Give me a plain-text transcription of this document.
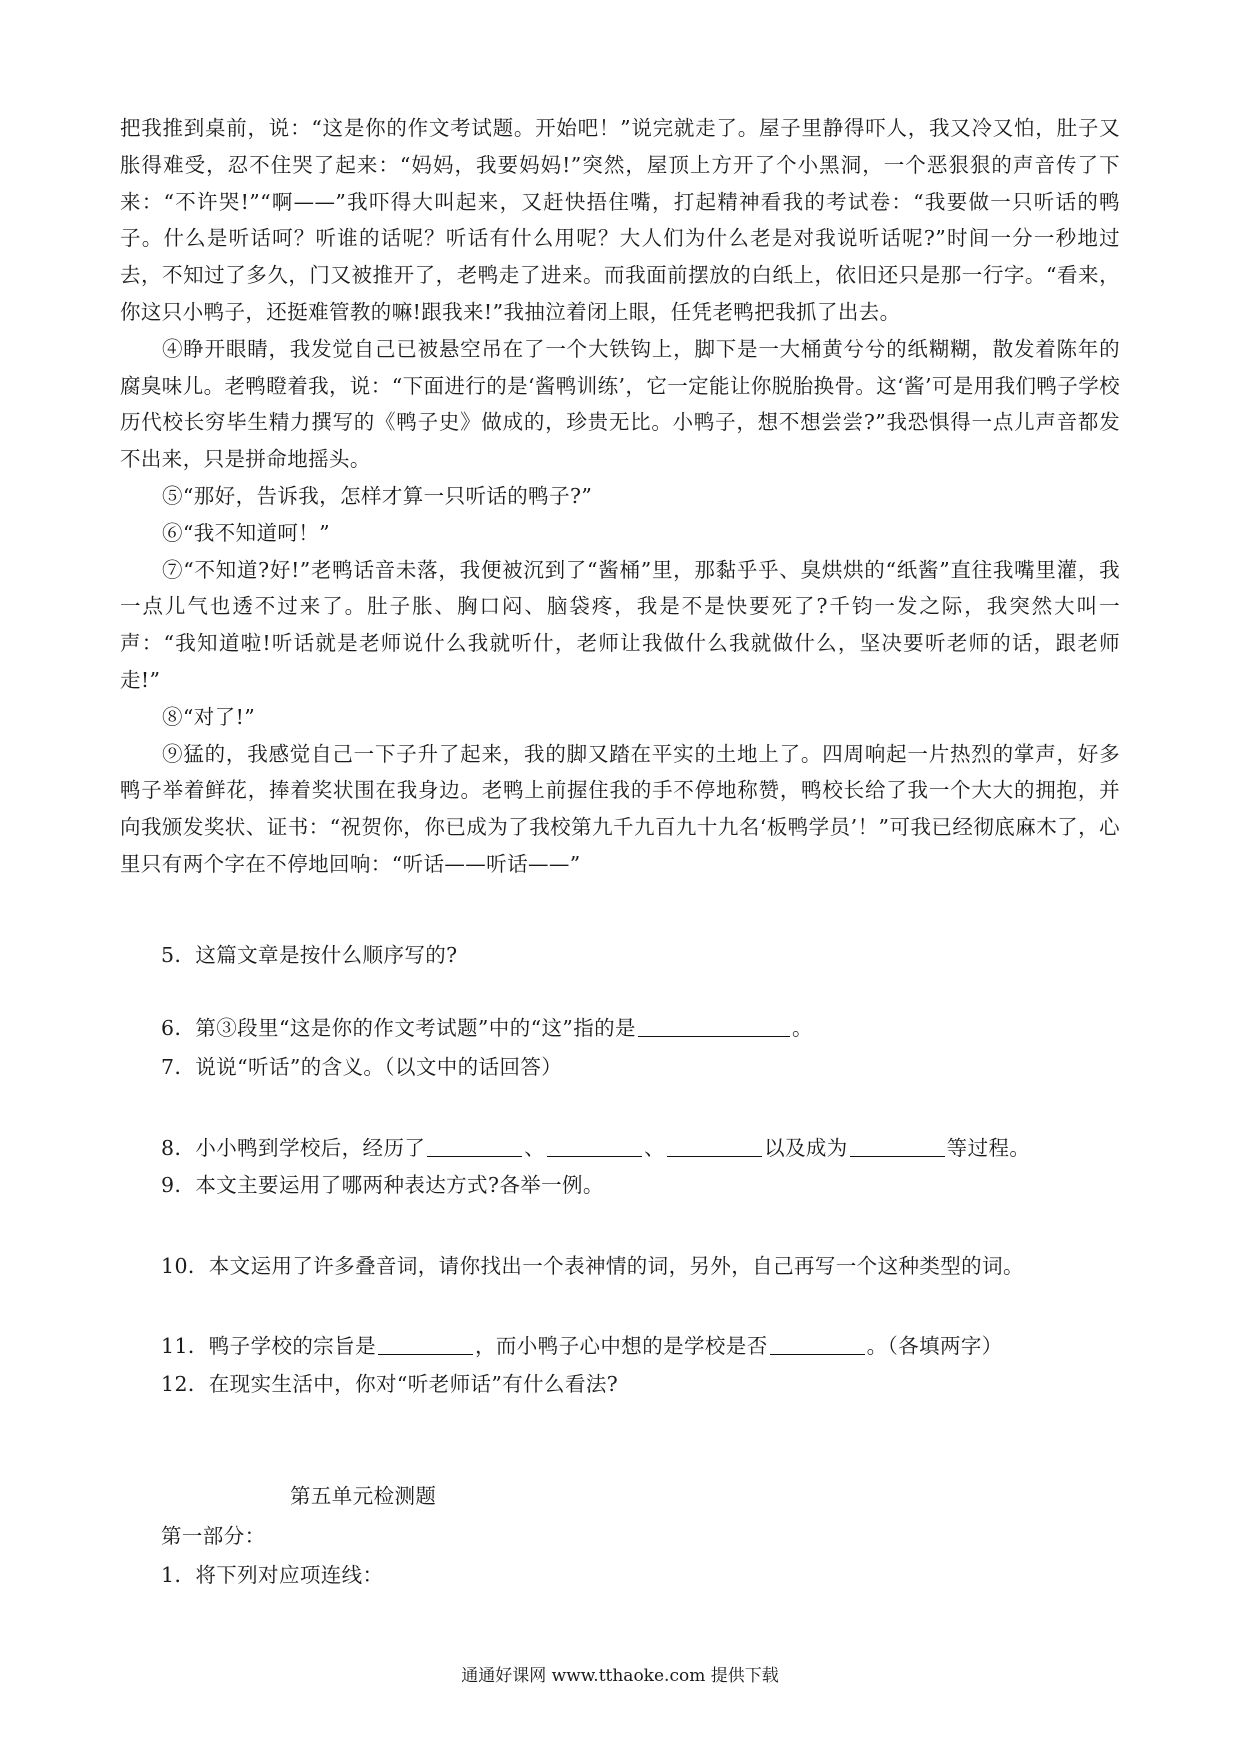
把我推到桌前，说：“这是你的作文考试题。开始吧！”说完就走了。屋子里静得吓人，我又冷又怕，肚子又胀得难受，忍不住哭了起来：“妈妈，我要妈妈!”突然，屋顶上方开了个小黑洞，一个恶狠狠的声音传了下来：“不许哭!”“啊——”我吓得大叫起来，又赶快捂住嘴，打起精神看我的考试卷：“我要做一只听话的鸭子。什么是听话呵？听谁的话呢？听话有什么用呢？大人们为什么老是对我说听话呢?”时间一分一秒地过去，不知过了多久，门又被推开了，老鸭走了进来。而我面前摆放的白纸上，依旧还只是那一行字。“看来，你这只小鸭子，还挺难管教的嘛!跟我来!”我抽泣着闭上眼，任凭老鸭把我抓了出去。

④睁开眼睛，我发觉自己已被悬空吊在了一个大铁钩上，脚下是一大桶黄兮兮的纸糊糊，散发着陈年的腐臭味儿。老鸭瞪着我，说：“下面进行的是‘酱鸭训练’，它一定能让你脱胎换骨。这‘酱’可是用我们鸭子学校历代校长穷毕生精力撰写的《鸭子史》做成的，珍贵无比。小鸭子，想不想尝尝?”我恐惧得一点儿声音都发不出来，只是拼命地摇头。

⑤“那好，告诉我，怎样才算一只听话的鸭子?”

⑥“我不知道呵！”

⑦“不知道?好!”老鸭话音未落，我便被沉到了“酱桶”里，那黏乎乎、臭烘烘的“纸酱”直往我嘴里灌，我一点儿气也透不过来了。肚子胀、胸口闷、脑袋疼，我是不是快要死了?千钧一发之际，我突然大叫一声：“我知道啦!听话就是老师说什么我就听什，老师让我做什么我就做什么，坚决要听老师的话，跟老师走!”

⑧“对了!”

⑨猛的，我感觉自己一下子升了起来，我的脚又踏在平实的土地上了。四周响起一片热烈的掌声，好多鸭子举着鲜花，捧着奖状围在我身边。老鸭上前握住我的手不停地称赞，鸭校长给了我一个大大的拥抱，并向我颁发奖状、证书：“祝贺你，你已成为了我校第九千九百九十九名‘板鸭学员’！”可我已经彻底麻木了，心里只有两个字在不停地回响：“听话——听话——”

5．这篇文章是按什么顺序写的?

6．第③段里“这是你的作文考试题”中的“这”指的是	。

7．说说“听话”的含义。（以文中的话回答）

8．小小鸭到学校后，经历了	、	、	以及成为	等过程。

9．本文主要运用了哪两种表达方式?各举一例。

10．本文运用了许多叠音词，请你找出一个表神情的词，另外，自己再写一个这种类型的词。

11．鸭子学校的宗旨是	，而小鸭子心中想的是学校是否	。（各填两字）

12．在现实生活中，你对“听老师话”有什么看法?

第五单元检测题

第一部分：

1．将下列对应项连线：

通通好课网 www.tthaoke.com 提供下载
